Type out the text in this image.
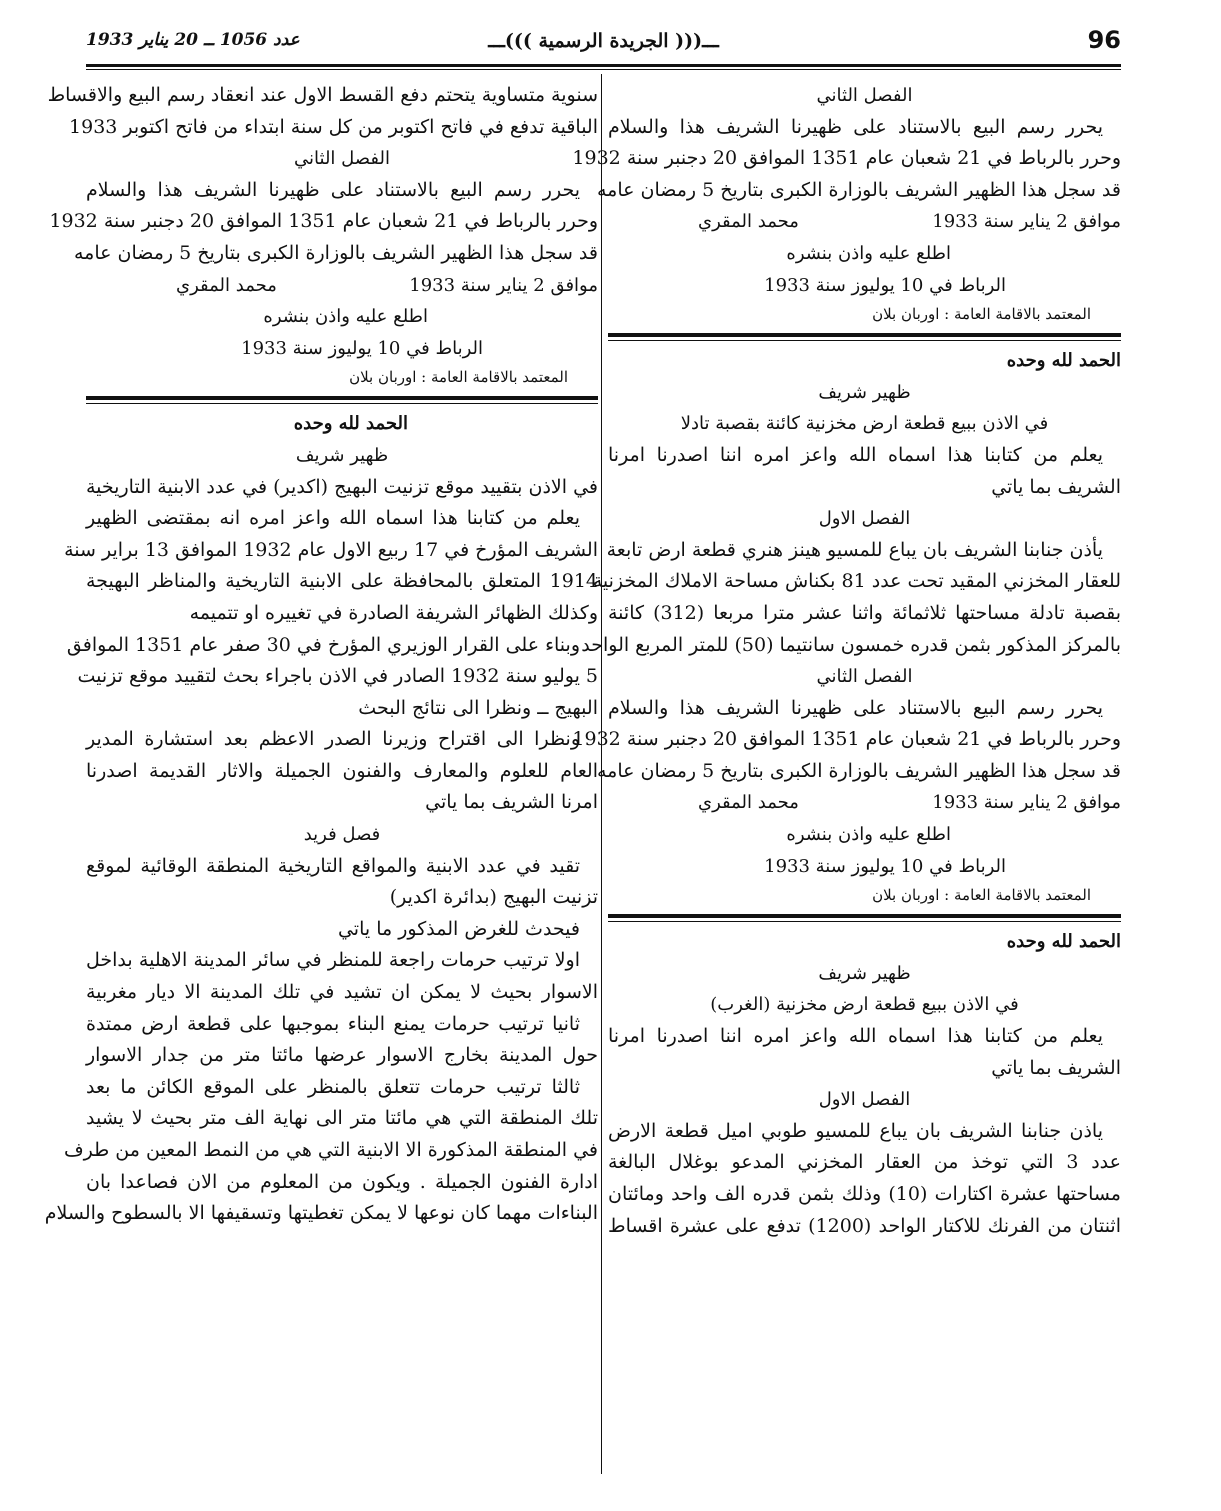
عدد 1056 ــ 20 يناير 1933	ـــ((( الجريدة الرسمية )))ـــ	96
الفصل الثاني
يحرر رسم البيع بالاستناد على ظهيرنا الشريف هذا والسلام
وحرر بالرباط في 21 شعبان عام 1351 الموافق 20 دجنبر سنة 1932
قد سجل هذا الظهير الشريف بالوزارة الكبرى بتاريخ 5 رمضان عامه
موافق 2 يناير سنة 1933
محمد المقري
اطلع عليه واذن بنشره
الرباط في 10 يوليوز سنة 1933
المعتمد بالاقامة العامة : اوربان بلان
الحمد لله وحده
ظهير شريف
في الاذن ببيع قطعة ارض مخزنية كائنة بقصبة تادلا
يعلم من كتابنا هذا اسماه الله واعز امره اننا اصدرنا امرنا
الشريف بما ياتي
الفصل الاول
يأذن جنابنا الشريف بان يباع للمسيو هينز هنري قطعة ارض تابعة
للعقار المخزني المقيد تحت عدد 81 بكناش مساحة الاملاك المخزنية
بقصبة تادلة مساحتها ثلاثمائة واثنا عشر مترا مربعا (312) كائنة
بالمركز المذكور بثمن قدره خمسون سانتيما (50) للمتر المربع الواحد
الفصل الثاني
يحرر رسم البيع بالاستناد على ظهيرنا الشريف هذا والسلام
وحرر بالرباط في 21 شعبان عام 1351 الموافق 20 دجنبر سنة 1932
قد سجل هذا الظهير الشريف بالوزارة الكبرى بتاريخ 5 رمضان عامه
موافق 2 يناير سنة 1933
محمد المقري
اطلع عليه واذن بنشره
الرباط في 10 يوليوز سنة 1933
المعتمد بالاقامة العامة : اوربان بلان
الحمد لله وحده
ظهير شريف
في الاذن ببيع قطعة ارض مخزنية (الغرب)
يعلم من كتابنا هذا اسماه الله واعز امره اننا اصدرنا امرنا
الشريف بما ياتي
الفصل الاول
ياذن جنابنا الشريف بان يباع للمسيو طوبي اميل قطعة الارض
عدد 3 التي توخذ من العقار المخزني المدعو بوغلال البالغة
مساحتها عشرة اكتارات (10) وذلك بثمن قدره الف واحد ومائتان
اثنتان من الفرنك للاكتار الواحد (1200) تدفع على عشرة اقساط
سنوية متساوية يتحتم دفع القسط الاول عند انعقاد رسم البيع والاقساط
الباقية تدفع في فاتح اكتوبر من كل سنة ابتداء من فاتح اكتوبر 1933
الفصل الثاني
يحرر رسم البيع بالاستناد على ظهيرنا الشريف هذا والسلام
وحرر بالرباط في 21 شعبان عام 1351 الموافق 20 دجنبر سنة 1932
قد سجل هذا الظهير الشريف بالوزارة الكبرى بتاريخ 5 رمضان عامه
موافق 2 يناير سنة 1933
محمد المقري
اطلع عليه واذن بنشره
الرباط في 10 يوليوز سنة 1933
المعتمد بالاقامة العامة : اوربان بلان
الحمد لله وحده
ظهير شريف
في الاذن بتقييد موقع تزنيت البهيج (اكدير) في عدد الابنية التاريخية
يعلم من كتابنا هذا اسماه الله واعز امره انه بمقتضى الظهير
الشريف المؤرخ في 17 ربيع الاول عام 1932 الموافق 13 براير سنة
1914 المتعلق بالمحافظة على الابنية التاريخية والمناظر البهيجة
وكذلك الظهائر الشريفة الصادرة في تغييره او تتميمه
وبناء على القرار الوزيري المؤرخ في 30 صفر عام 1351 الموافق
5 يوليو سنة 1932 الصادر في الاذن باجراء بحث لتقييد موقع تزنيت
البهيج ــ ونظرا الى نتائج البحث
ونظرا الى اقتراح وزيرنا الصدر الاعظم بعد استشارة المدير
العام للعلوم والمعارف والفنون الجميلة والاثار القديمة اصدرنا
امرنا الشريف بما ياتي
فصل فريد
تقيد في عدد الابنية والمواقع التاريخية المنطقة الوقائية لموقع
تزنيت البهيج (بدائرة اكدير)
فيحدث للغرض المذكور ما ياتي
اولا ترتيب حرمات راجعة للمنظر في سائر المدينة الاهلية بداخل
الاسوار بحيث لا يمكن ان تشيد في تلك المدينة الا ديار مغربية
ثانيا ترتيب حرمات يمنع البناء بموجبها على قطعة ارض ممتدة
حول المدينة بخارج الاسوار عرضها مائتا متر من جدار الاسوار
ثالثا ترتيب حرمات تتعلق بالمنظر على الموقع الكائن ما بعد
تلك المنطقة التي هي مائتا متر الى نهاية الف متر بحيث لا يشيد
في المنطقة المذكورة الا الابنية التي هي من النمط المعين من طرف
ادارة الفنون الجميلة . ويكون من المعلوم من الان فصاعدا بان
البناءات مهما كان نوعها لا يمكن تغطيتها وتسقيفها الا بالسطوح والسلام
